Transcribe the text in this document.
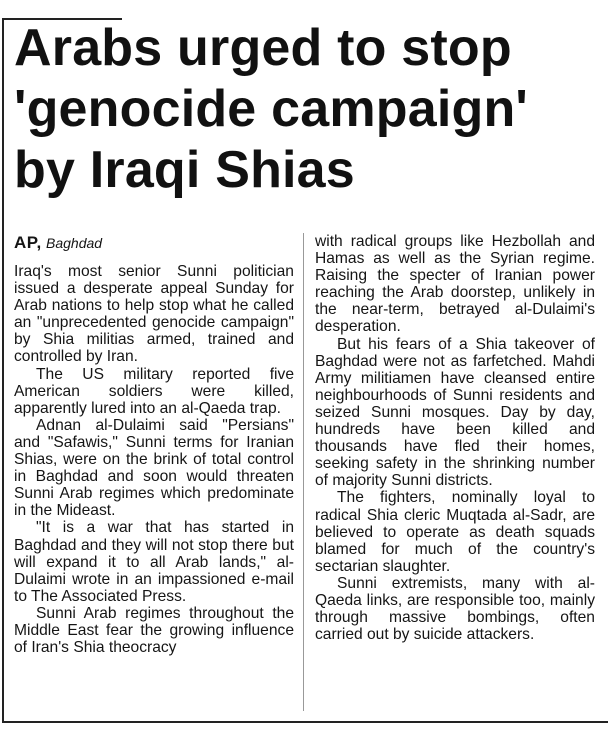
Arabs urged to stop
'genocide campaign'
by Iraqi Shias
AP, Baghdad

Iraq's most senior Sunni politician issued a desperate appeal Sunday for Arab nations to help stop what he called an "unprecedented genocide campaign" by Shia militias armed, trained and controlled by Iran.

The US military reported five American soldiers were killed, apparently lured into an al-Qaeda trap.

Adnan al-Dulaimi said "Persians" and "Safawis," Sunni terms for Iranian Shias, were on the brink of total control in Baghdad and soon would threaten Sunni Arab regimes which predominate in the Mideast.

"It is a war that has started in Baghdad and they will not stop there but will expand it to all Arab lands," al-Dulaimi wrote in an impassioned e-mail to The Associated Press.

Sunni Arab regimes throughout the Middle East fear the growing influence of Iran's Shia theocracy

with radical groups like Hezbollah and Hamas as well as the Syrian regime. Raising the specter of Iranian power reaching the Arab doorstep, unlikely in the near-term, betrayed al-Dulaimi's desperation.

But his fears of a Shia takeover of Baghdad were not as farfetched. Mahdi Army militiamen have cleansed entire neighbourhoods of Sunni residents and seized Sunni mosques. Day by day, hundreds have been killed and thousands have fled their homes, seeking safety in the shrinking number of majority Sunni districts.

The fighters, nominally loyal to radical Shia cleric Muqtada al-Sadr, are believed to operate as death squads blamed for much of the country's sectarian slaughter.

Sunni extremists, many with al-Qaeda links, are responsible too, mainly through massive bombings, often carried out by suicide attackers.
